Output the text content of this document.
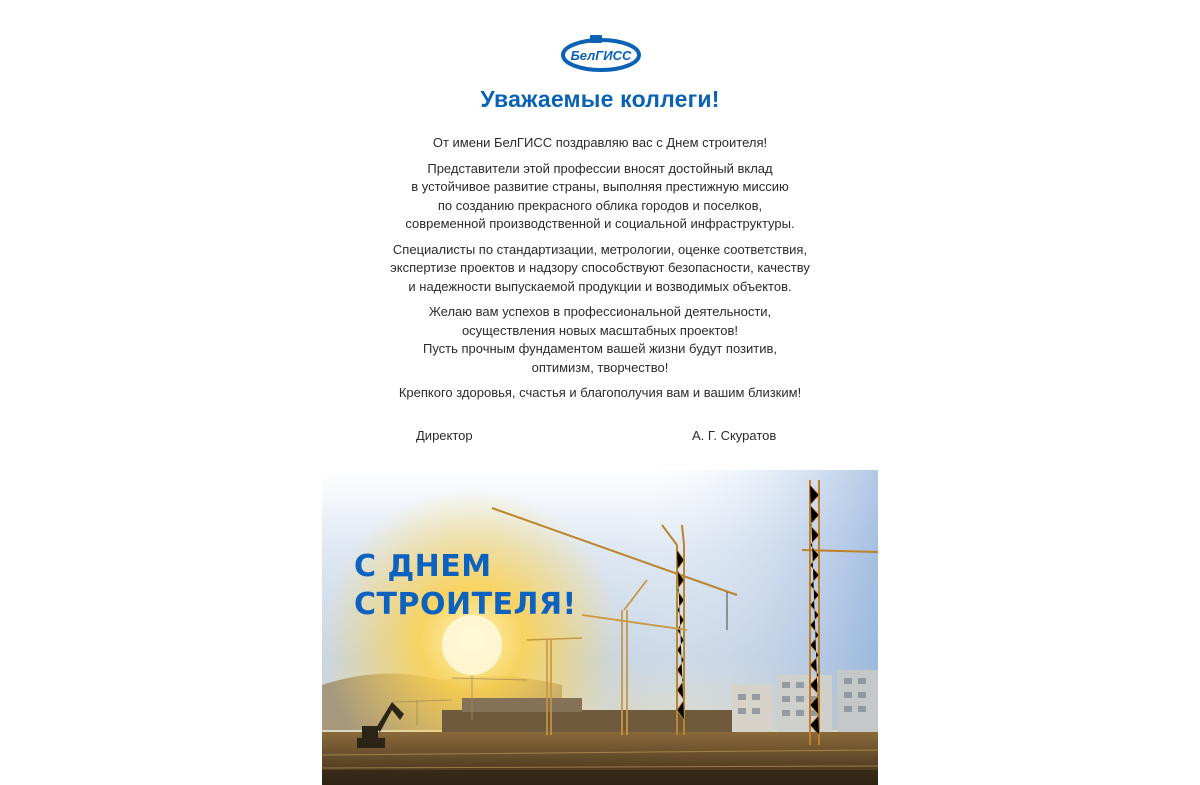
БелГИСС
Уважаемые коллеги!

От имени БелГИСС поздравляю вас с Днем строителя!

Представители этой профессии вносят достойный вклад
в устойчивое развитие страны, выполняя престижную миссию
по созданию прекрасного облика городов и поселков,
современной производственной и социальной инфраструктуры.

Специалисты по стандартизации, метрологии, оценке соответствия,
экспертизе проектов и надзору способствуют безопасности, качеству
и надежности выпускаемой продукции и возводимых объектов.

Желаю вам успехов в профессиональной деятельности,
осуществления новых масштабных проектов!
Пусть прочным фундаментом вашей жизни будут позитив,
оптимизм, творчество!

Крепкого здоровья, счастья и благополучия вам и вашим близким!

Директор	А. Г. Скуратов
С ДНЕМ
СТРОИТЕЛЯ!
